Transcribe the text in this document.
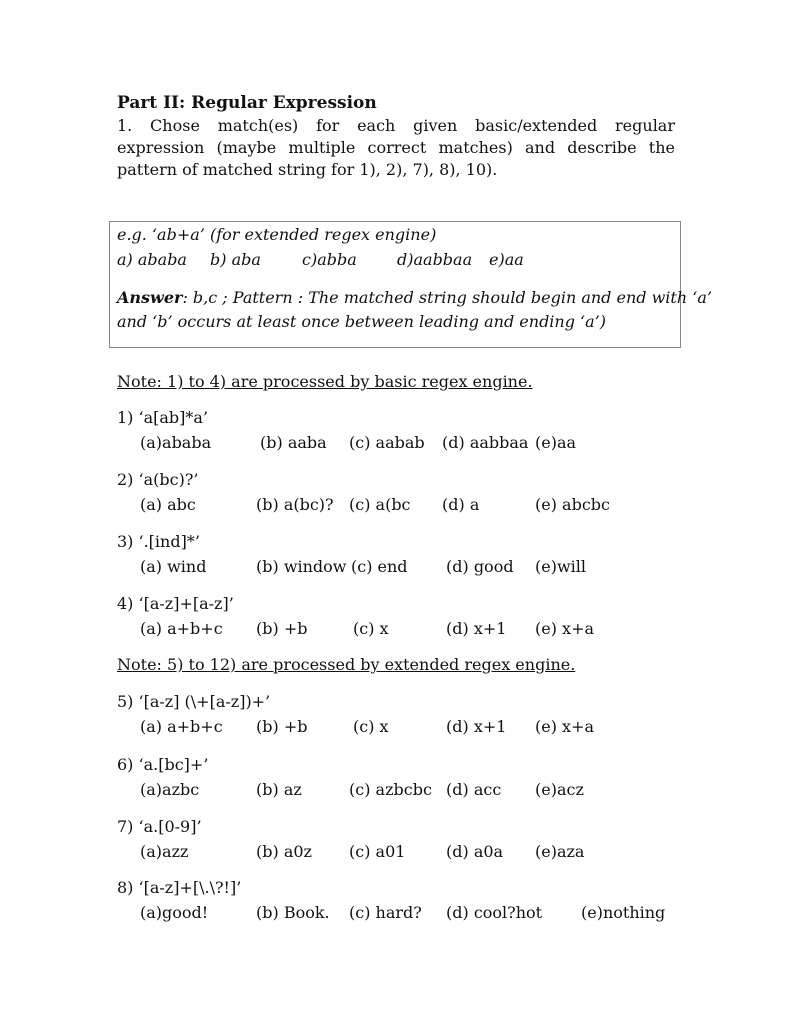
Part II: Regular Expression
1. Chose match(es) for each given basic/extended regular expression (maybe multiple correct matches) and describe the pattern of matched string for 1), 2), 7), 8), 10).
e.g. ‘ab+a’ (for extended regex engine)
a) ababa b) aba	c)abba	d)aabbaa e)aa
Answer: b,c ; Pattern : The matched string should begin and end with ‘a’
and ‘b’ occurs at least once between leading and ending ‘a’)
Note: 1) to 4) are processed by basic regex engine.
1) ‘a[ab]*a’
(a)ababa	(b) aaba (c) aabab (d) aabbaa (e)aa
2) ‘a(bc)?’
(a) abc	(b) a(bc)? (c) a(bc (d) a	(e) abcbc
3) ‘.[ind]*’
(a) wind	(b) window (c) end (d) good (e)will
4) ‘[a-z]+[a-z]’
(a) a+b+c (b) +b	(c) x	(d) x+1 (e) x+a
Note: 5) to 12) are processed by extended regex engine.
5) ‘[a-z] (\+[a-z])+’
(a) a+b+c (b) +b	(c) x	(d) x+1 (e) x+a
6) ‘a.[bc]+’
(a)azbc	(b) az	(c) azbcbc (d) acc (e)acz
7) ‘a.[0-9]’
(a)azz	(b) a0z (c) a01	(d) a0a (e)aza
8) ‘[a-z]+[\.\?!]’
(a)good!	(b) Book. (c) hard? (d) cool?hot (e)nothing
